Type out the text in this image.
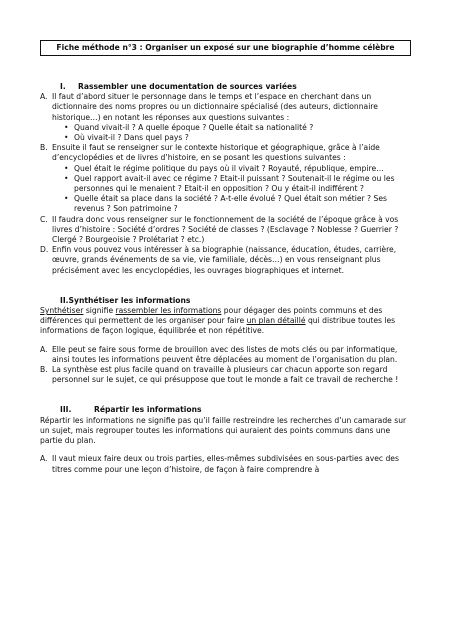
Fiche méthode n°3 : Organiser un exposé sur une biographie d’homme célèbre

I. Rassembler une documentation de sources variées

A. Il faut d’abord situer le personnage dans le temps et l’espace en cherchant dans un dictionnaire des noms propres ou un dictionnaire spécialisé (des auteurs, dictionnaire historique…) en notant les réponses aux questions suivantes :

• Quand vivait-il ? A quelle époque ? Quelle était sa nationalité ?
• Où vivait-il ? Dans quel pays ?
B. Ensuite il faut se renseigner sur le contexte historique et géographique, grâce à l’aide d’encyclopédies et de livres d’histoire, en se posant les questions suivantes :

• Quel était le régime politique du pays où il vivait ? Royauté, république, empire…
• Quel rapport avait-il avec ce régime ? Etait-il puissant ? Soutenait-il le régime ou les personnes qui le menaient ? Etait-il en opposition ? Ou y était-il indifférent ?
• Quelle était sa place dans la société ? A-t-elle évolué ? Quel était son métier ? Ses revenus ? Son patrimoine ?
C. Il faudra donc vous renseigner sur le fonctionnement de la société de l’époque grâce à vos livres d’histoire : Société d’ordres ? Société de classes ? (Esclavage ? Noblesse ? Guerrier ? Clergé ? Bourgeoisie ? Prolétariat ? etc.)

D. Enfin vous pouvez vous intéresser à sa biographie (naissance, éducation, études, carrière, œuvre, grands événements de sa vie, vie familiale, décès…) en vous renseignant plus précisément avec les encyclopédies, les ouvrages biographiques et internet.

II.Synthétiser les informations

Synthétiser signifie rassembler les informations pour dégager des points communs et des différences qui permettent de les organiser pour faire un plan détaillé qui distribue toutes les informations de façon logique, équilibrée et non répétitive.

A. Elle peut se faire sous forme de brouillon avec des listes de mots clés ou par informatique, ainsi toutes les informations peuvent être déplacées au moment de l’organisation du plan.

B. La synthèse est plus facile quand on travaille à plusieurs car chacun apporte son regard personnel sur le sujet, ce qui présuppose que tout le monde a fait ce travail de recherche !

III.	Répartir les informations

Répartir les informations ne signifie pas qu’il faille restreindre les recherches d’un camarade sur un sujet, mais regrouper toutes les informations qui auraient des points communs dans une partie du plan.

A. Il vaut mieux faire deux ou trois parties, elles-mêmes subdivisées en sous-parties avec des titres comme pour une leçon d’histoire, de façon à faire comprendre à
